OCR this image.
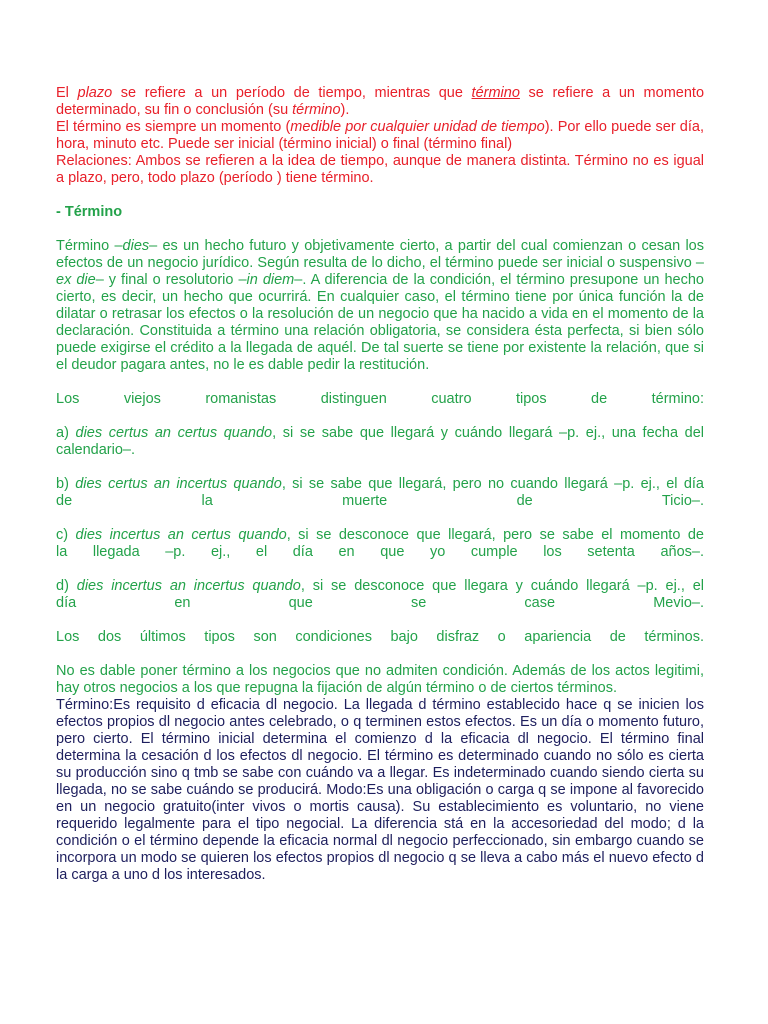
El plazo se refiere a un período de tiempo, mientras que término se refiere a un momento determinado, su fin o conclusión (su término).

El término es siempre un momento (medible por cualquier unidad de tiempo). Por ello puede ser día, hora, minuto etc. Puede ser inicial (término inicial) o final (término final)

Relaciones: Ambos se refieren a la idea de tiempo, aunque de manera distinta. Término no es igual a plazo, pero, todo plazo (período ) tiene término.

- Término

Término –dies– es un hecho futuro y objetivamente cierto, a partir del cual comienzan o cesan los efectos de un negocio jurídico. Según resulta de lo dicho, el término puede ser inicial o suspensivo –ex die– y final o resolutorio –in diem–. A diferencia de la condición, el término presupone un hecho cierto, es decir, un hecho que ocurrirá. En cualquier caso, el término tiene por única función la de dilatar o retrasar los efectos o la resolución de un negocio que ha nacido a vida en el momento de la declaración. Constituida a término una relación obligatoria, se considera ésta perfecta, si bien sólo puede exigirse el crédito a la llegada de aquél. De tal suerte se tiene por existente la relación, que si el deudor pagara antes, no le es dable pedir la restitución.

Los viejos romanistas distinguen cuatro tipos de término:

a) dies certus an certus quando, si se sabe que llegará y cuándo llegará –p. ej., una fecha del calendario–.

b) dies certus an incertus quando, si se sabe que llegará, pero no cuando llegará –p. ej., el día

de la muerte de Ticio–.

c) dies incertus an certus quando, si se desconoce que llegará, pero se sabe el momento de

la llegada –p. ej., el día en que yo cumple los setenta años–.

d) dies incertus an incertus quando, si se desconoce que llegara y cuándo llegará –p. ej., el

día en que se case Mevio–.

Los dos últimos tipos son condiciones bajo disfraz o apariencia de términos.

No es dable poner término a los negocios que no admiten condición. Además de los actos legitimi, hay otros negocios a los que repugna la fijación de algún término o de ciertos términos.

Término:Es requisito d eficacia dl negocio. La llegada d término establecido hace q se inicien los efectos propios dl negocio antes celebrado, o q terminen estos efectos. Es un día o momento futuro, pero cierto. El término inicial determina el comienzo d la eficacia dl negocio. El término final determina la cesación d los efectos dl negocio. El término es determinado cuando no sólo es cierta su producción sino q tmb se sabe con cuándo va a llegar. Es indeterminado cuando siendo cierta su llegada, no se sabe cuándo se producirá. Modo:Es una obligación o carga q se impone al favorecido en un negocio gratuito(inter vivos o mortis causa). Su establecimiento es voluntario, no viene requerido legalmente para el tipo negocial. La diferencia stá en la accesoriedad del modo; d la condición o el término depende la eficacia normal dl negocio perfeccionado, sin embargo cuando se incorpora un modo se quieren los efectos propios dl negocio q se lleva a cabo más el nuevo efecto d la carga a uno d los interesados.
